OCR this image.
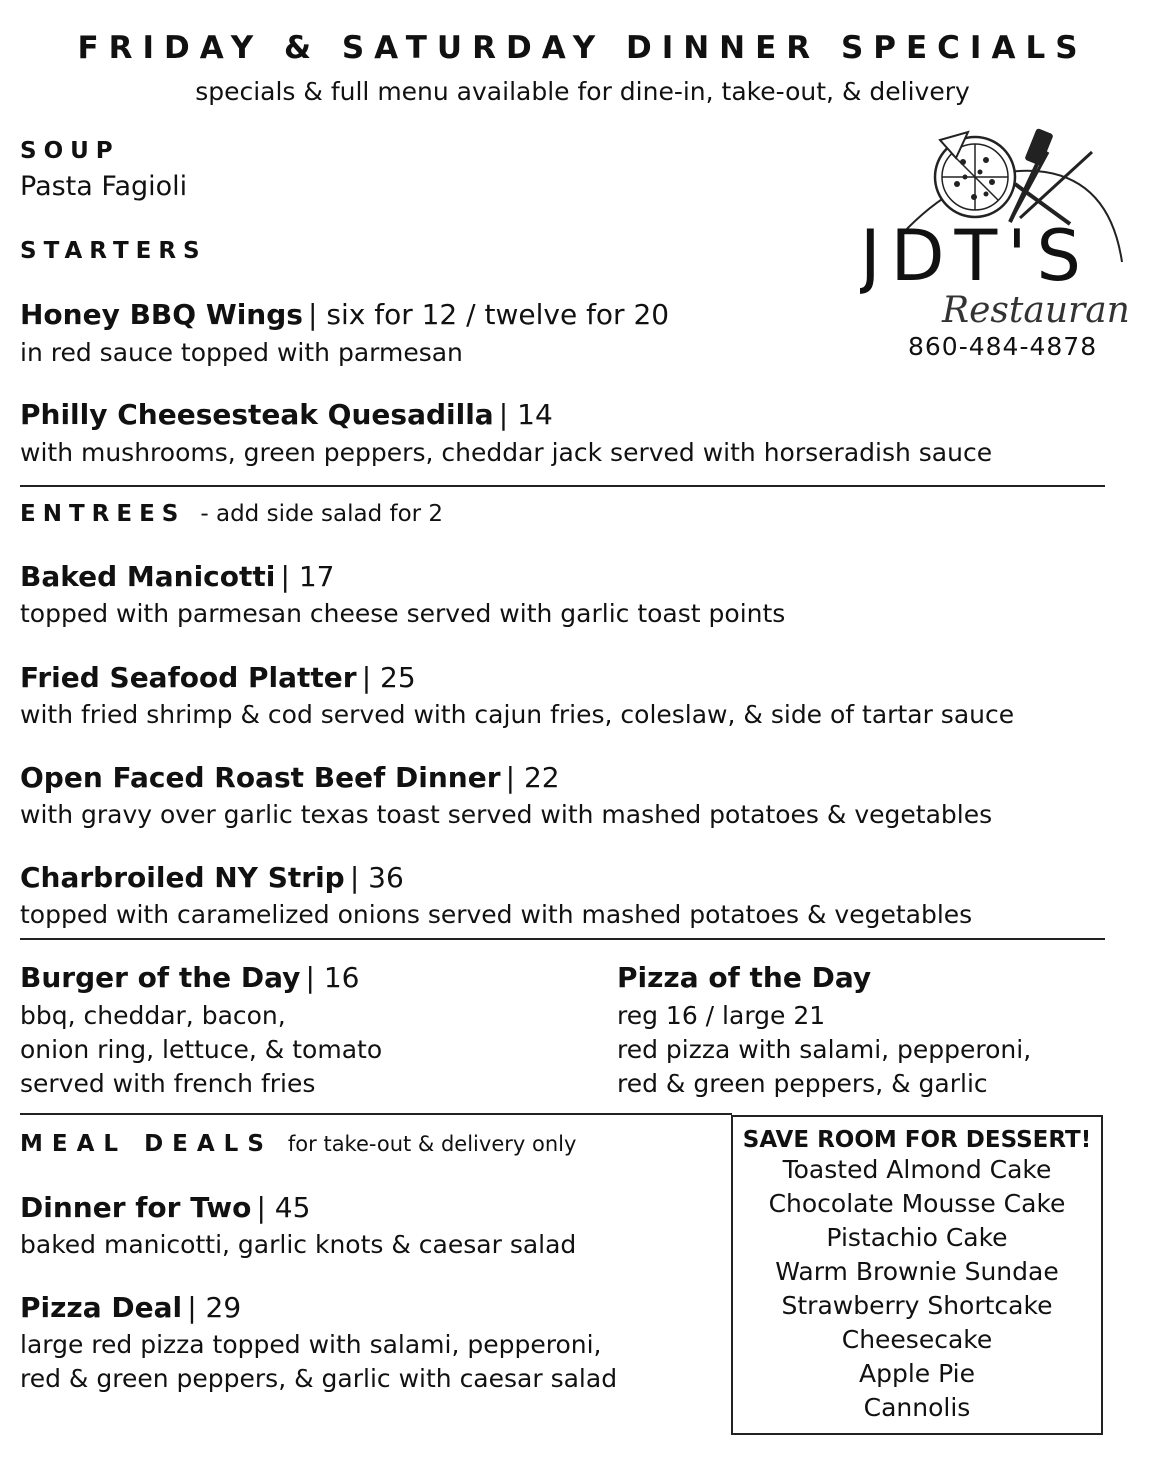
FRIDAY & SATURDAY DINNER SPECIALS
specials & full menu available for dine-in, take-out, & delivery
JDT'S
Restaurant
860-484-4878
SOUP
Pasta Fagioli
STARTERS
Honey BBQ Wings | six for 12 / twelve for 20
in red sauce topped with parmesan
Philly Cheesesteak Quesadilla | 14
with mushrooms, green peppers, cheddar jack served with horseradish sauce
ENTREES - add side salad for 2
Baked Manicotti | 17
topped with parmesan cheese served with garlic toast points
Fried Seafood Platter | 25
with fried shrimp & cod served with cajun fries, coleslaw, & side of tartar sauce
Open Faced Roast Beef Dinner | 22
with gravy over garlic texas toast served with mashed potatoes & vegetables
Charbroiled NY Strip | 36
topped with caramelized onions served with mashed potatoes & vegetables
Burger of the Day | 16
bbq, cheddar, bacon,
onion ring, lettuce, & tomato
served with french fries
Pizza of the Day
reg 16 / large 21
red pizza with salami, pepperoni,
red & green peppers, & garlic
MEAL DEALS for take-out & delivery only
Dinner for Two | 45
baked manicotti, garlic knots & caesar salad
Pizza Deal | 29
large red pizza topped with salami, pepperoni,
red & green peppers, & garlic with caesar salad
SAVE ROOM FOR DESSERT!
Toasted Almond Cake
Chocolate Mousse Cake
Pistachio Cake
Warm Brownie Sundae
Strawberry Shortcake
Cheesecake
Apple Pie
Cannolis
